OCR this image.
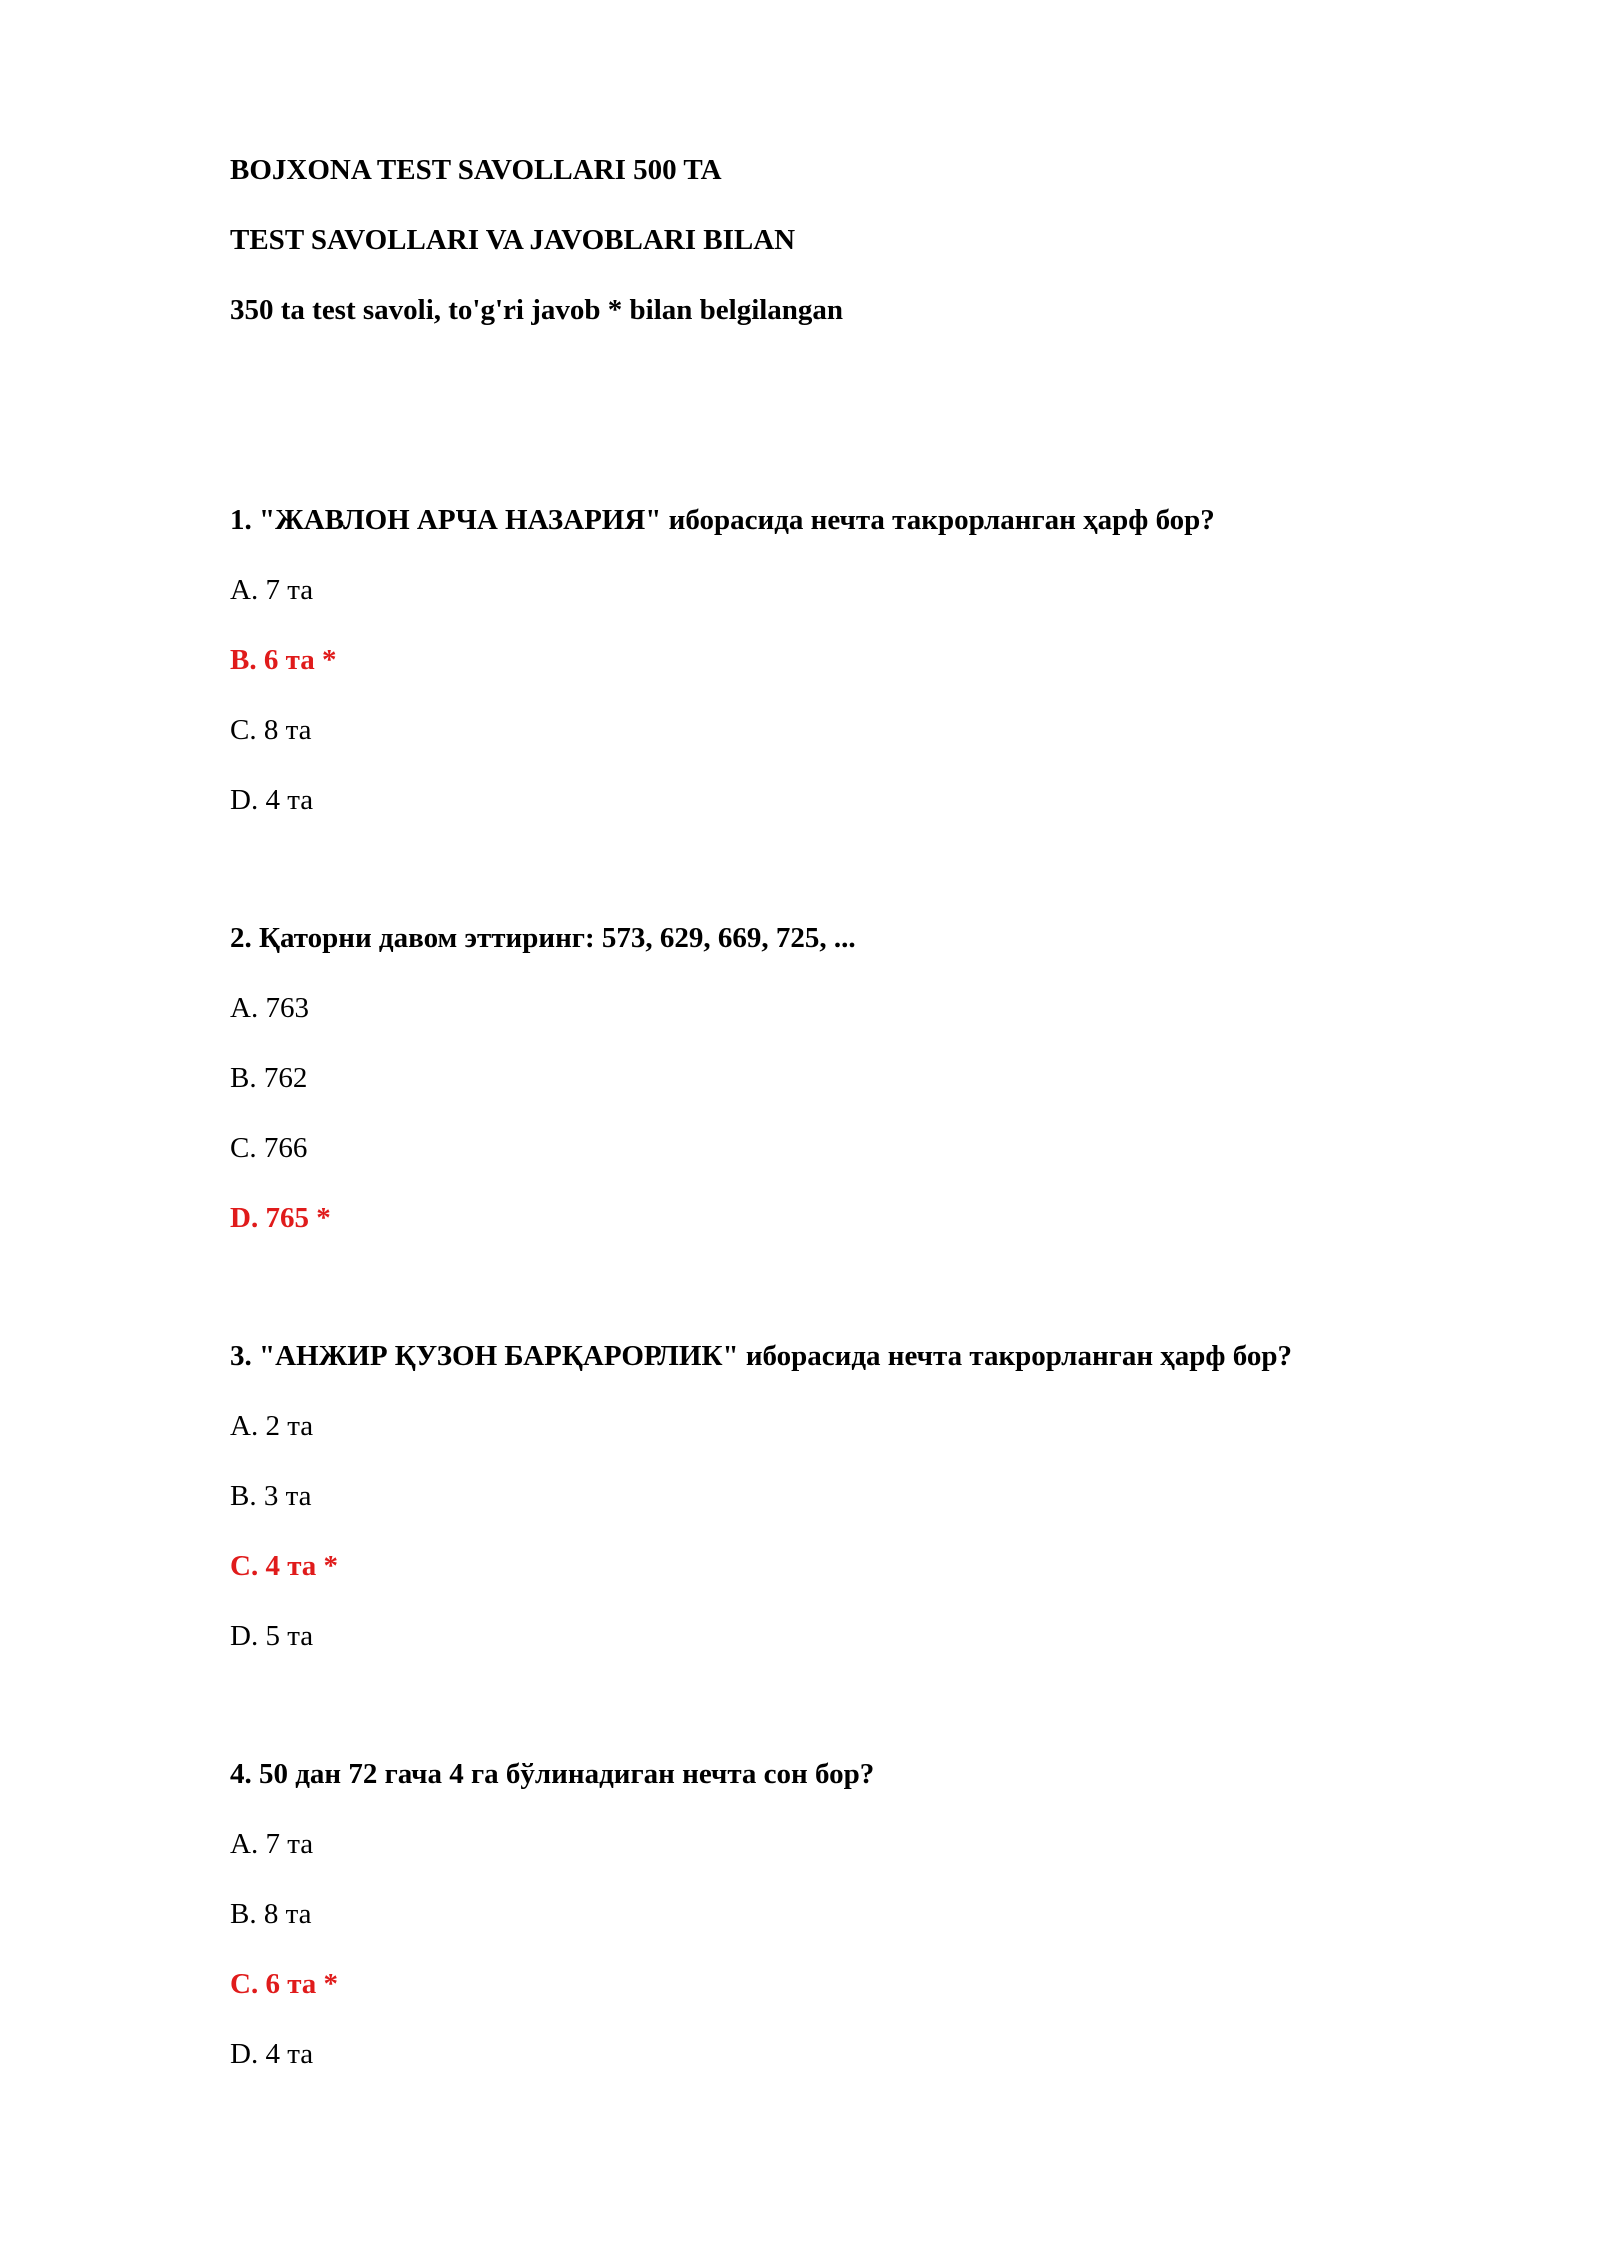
BOJXONA TEST SAVOLLARI 500 TA
TEST SAVOLLARI VA JAVOBLARI BILAN
350 ta test savoli, to'g'ri javob * bilan belgilangan
1. "ЖАВЛОН АРЧА НАЗАРИЯ" иборасида нечта такрорланган ҳарф бор?
A. 7 та
B. 6 та *
C. 8 та
D. 4 та
2. Қаторни давом эттиринг: 573, 629, 669, 725, ...
A. 763
B. 762
C. 766
D. 765 *
3. "АНЖИР ҚУЗОН БАРҚАРОРЛИК" иборасида нечта такрорланган ҳарф бор?
A. 2 та
B. 3 та
C. 4 та *
D. 5 та
4. 50 дан 72 гача 4 га бўлинадиган нечта сон бор?
A. 7 та
B. 8 та
C. 6 та *
D. 4 та
